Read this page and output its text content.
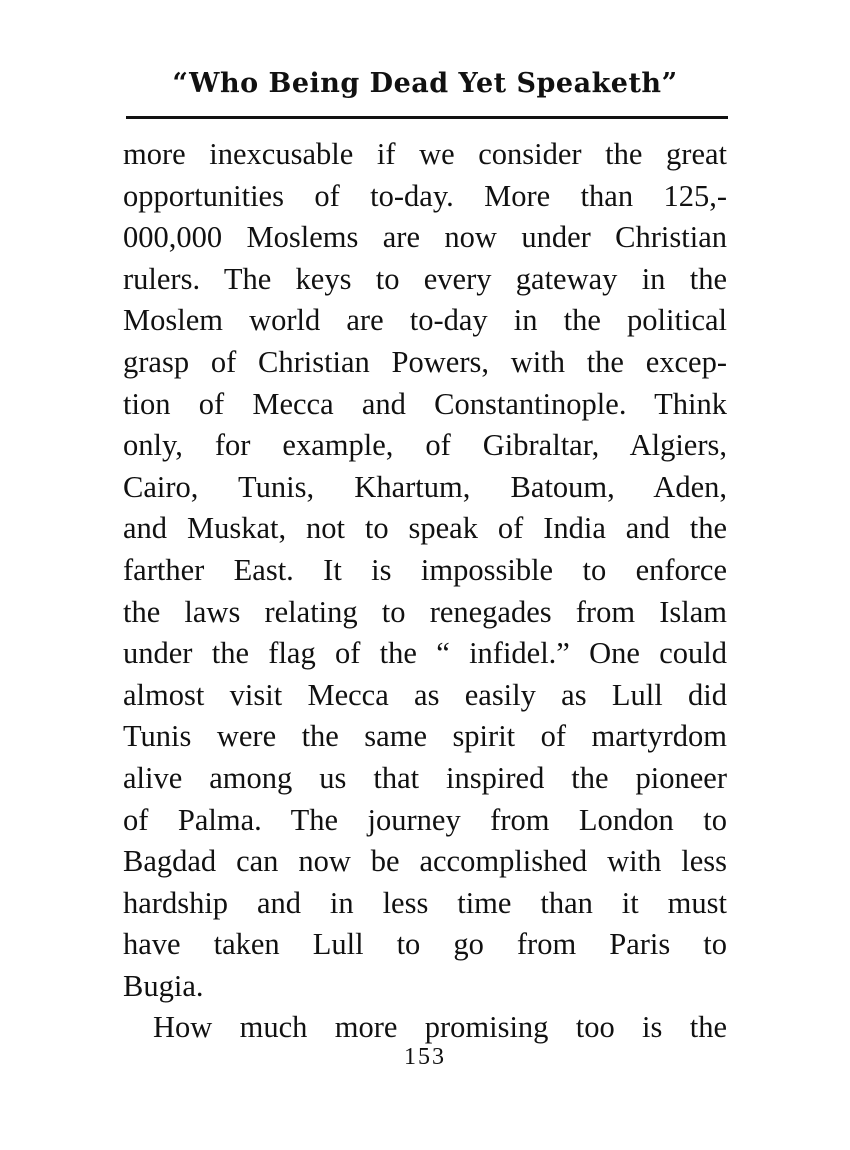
“Who Being Dead Yet Speaketh”
more inexcusable if we consider the great
opportunities of to-day. More than 125,-
000,000 Moslems are now under Christian
rulers. The keys to every gateway in the
Moslem world are to-day in the political
grasp of Christian Powers, with the excep-
tion of Mecca and Constantinople. Think
only, for example, of Gibraltar, Algiers,
Cairo, Tunis, Khartum, Batoum, Aden,
and Muskat, not to speak of India and the
farther East. It is impossible to enforce
the laws relating to renegades from Islam
under the flag of the “ infidel.” One could
almost visit Mecca as easily as Lull did
Tunis were the same spirit of martyrdom
alive among us that inspired the pioneer
of Palma. The journey from London to
Bagdad can now be accomplished with less
hardship and in less time than it must
have taken Lull to go from Paris to
Bugia.
How much more promising too is the
153
